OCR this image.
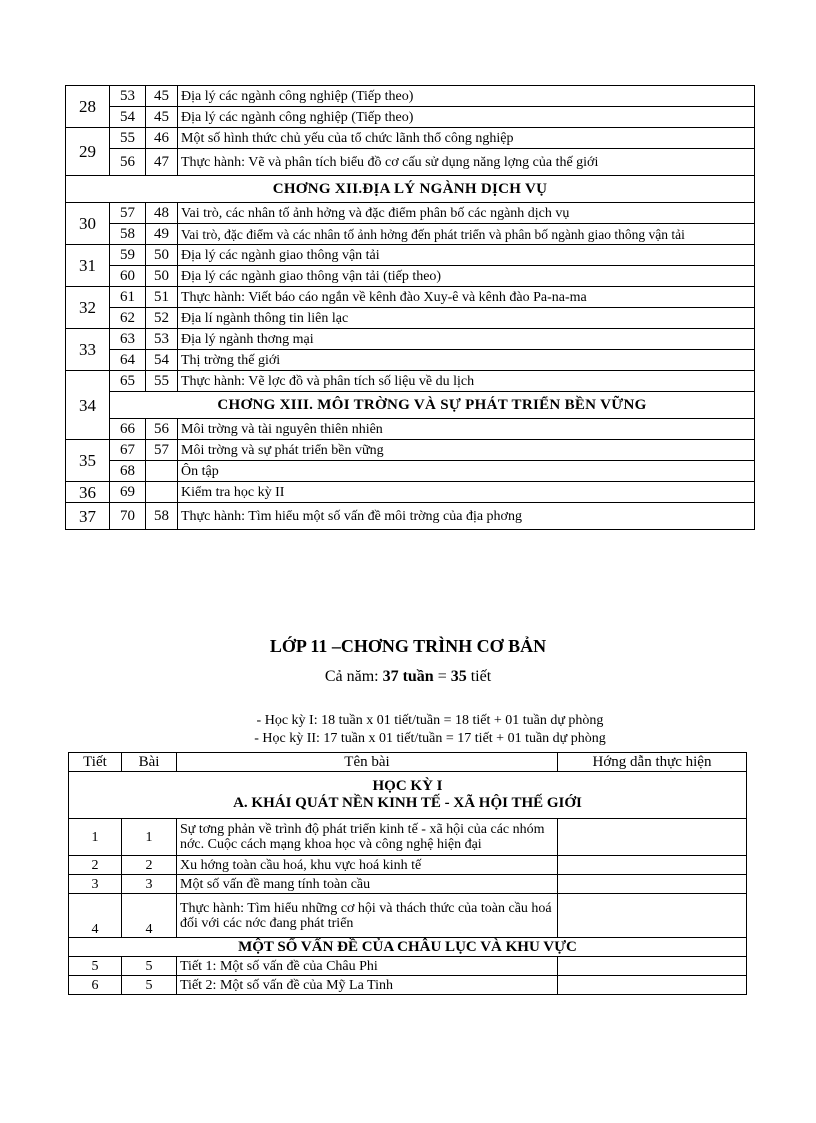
28	53	45	Địa lý các ngành công nghiệp (Tiếp theo)
	54	45	Địa lý các ngành công nghiệp (Tiếp theo)
29	55	46	Một số hình thức chủ yếu của tổ chức lãnh thổ công nghiệp
	56	47	Thực hành: Vẽ và phân tích biểu đồ cơ cấu sử dụng năng lợng của thế giới
CHƠNG XII.ĐỊA LÝ NGÀNH DỊCH VỤ			
30	57	48	Vai trò, các nhân tố ảnh hởng và đặc điểm phân bố các ngành dịch vụ
	58	49	Vai trò, đặc điểm và các nhân tố ảnh hởng đến phát triển và phân bố ngành giao thông vận tải
31	59	50	Địa lý các ngành giao thông vận tải
	60	50	Địa lý các ngành giao thông vận tải (tiếp theo)
32	61	51	Thực hành: Viết báo cáo ngắn về kênh đào Xuy-ê và kênh đào Pa-na-ma
	62	52	Địa lí ngành thông tin liên lạc
33	63	53	Địa lý ngành thơng mại
	64	54	Thị trờng thế giới
34	65	55	Thực hành: Vẽ lợc đồ và phân tích số liệu về du lịch
	CHƠNG XIII. MÔI TRỜNG VÀ SỰ PHÁT TRIỂN BỀN VỮNG		
	66	56	Môi trờng và tài nguyên thiên nhiên
35	67	57	Môi trờng và sự phát triển bền vững
	68		Ôn tập
36	69		Kiểm tra học kỳ II
37	70	58	Thực hành: Tìm hiểu một số vấn đề môi trờng của địa phơng
LỚP 11 –CHƠNG TRÌNH CƠ BẢN
Cả năm: 37 tuần = 35 tiết
- Học kỳ I: 18 tuần x 01 tiết/tuần = 18 tiết + 01 tuần dự phòng
- Học kỳ II: 17 tuần x 01 tiết/tuần = 17 tiết + 01 tuần dự phòng
Tiết	Bài	Tên bài	Hớng dẫn thực hiện

HỌC KỲ I
A. KHÁI QUÁT NỀN KINH TẾ - XÃ HỘI THẾ GIỚI			

1	1	Sự tơng phản về trình độ phát triển kinh tế - xã hội của các nhóm nớc. Cuộc cách mạng khoa học và công nghệ hiện đại	
2	2	Xu hớng toàn cầu hoá, khu vực hoá kinh tế	
3	3	Một số vấn đề mang tính toàn cầu	
4	4	Thực hành: Tìm hiểu những cơ hội và thách thức của toàn cầu hoá đối với các nớc đang phát triển	
MỘT SỐ VẤN ĐỀ CỦA CHÂU LỤC VÀ KHU VỰC			
5	5	Tiết 1: Một số vấn đề của Châu Phi	
6	5	Tiết 2: Một số vấn đề của Mỹ La Tinh	
